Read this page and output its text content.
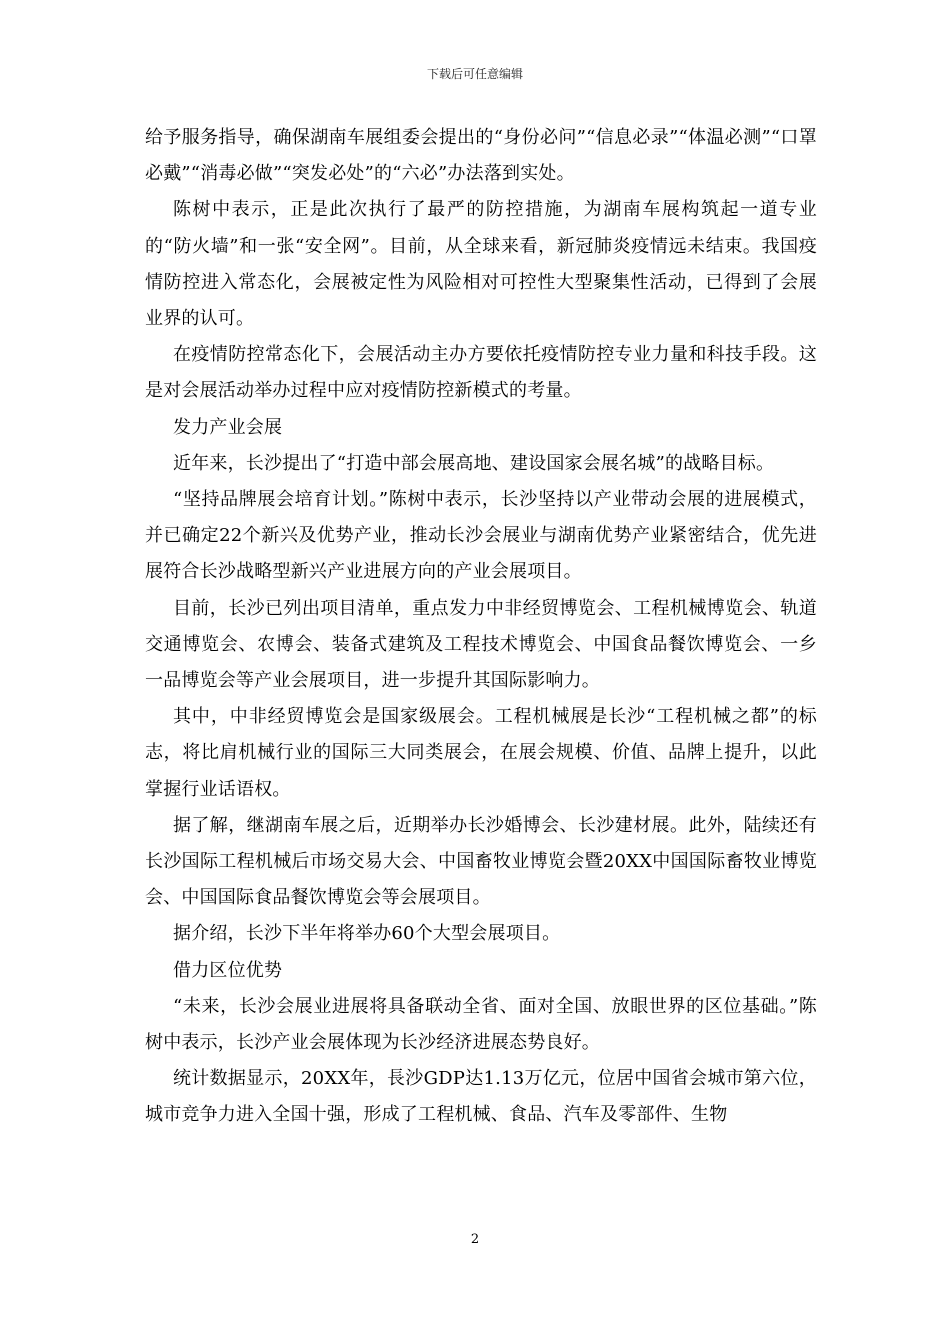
下载后可任意编辑

给予服务指导，确保湖南车展组委会提出的“身份必问”“信息必录”“体温必测”“口罩必戴”“消毒必做”“突发必处”的“六必”办法落到实处。

陈树中表示，正是此次执行了最严的防控措施，为湖南车展构筑起一道专业的“防火墙”和一张“安全网”。目前，从全球来看，新冠肺炎疫情远未结束。我国疫情防控进入常态化，会展被定性为风险相对可控性大型聚集性活动，已得到了会展业界的认可。

在疫情防控常态化下，会展活动主办方要依托疫情防控专业力量和科技手段。这是对会展活动举办过程中应对疫情防控新模式的考量。

发力产业会展

近年来，长沙提出了“打造中部会展高地、建设国家会展名城”的战略目标。

“坚持品牌展会培育计划。”陈树中表示，长沙坚持以产业带动会展的进展模式，并已确定22个新兴及优势产业，推动长沙会展业与湖南优势产业紧密结合，优先进展符合长沙战略型新兴产业进展方向的产业会展项目。

目前，长沙已列出项目清单，重点发力中非经贸博览会、工程机械博览会、轨道交通博览会、农博会、装备式建筑及工程技术博览会、中国食品餐饮博览会、一乡一品博览会等产业会展项目，进一步提升其国际影响力。

其中，中非经贸博览会是国家级展会。工程机械展是长沙“工程机械之都”的标志，将比肩机械行业的国际三大同类展会，在展会规模、价值、品牌上提升，以此掌握行业话语权。

据了解，继湖南车展之后，近期举办长沙婚博会、长沙建材展。此外，陆续还有长沙国际工程机械后市场交易大会、中国畜牧业博览会暨20XX中国国际畜牧业博览会、中国国际食品餐饮博览会等会展项目。

据介绍，长沙下半年将举办60个大型会展项目。

借力区位优势

“未来，长沙会展业进展将具备联动全省、面对全国、放眼世界的区位基础。”陈树中表示，长沙产业会展体现为长沙经济进展态势良好。

统计数据显示，20XX年，長沙GDP达1.13万亿元，位居中国省会城市第六位，城市竞争力进入全国十强，形成了工程机械、食品、汽车及零部件、生物

2
